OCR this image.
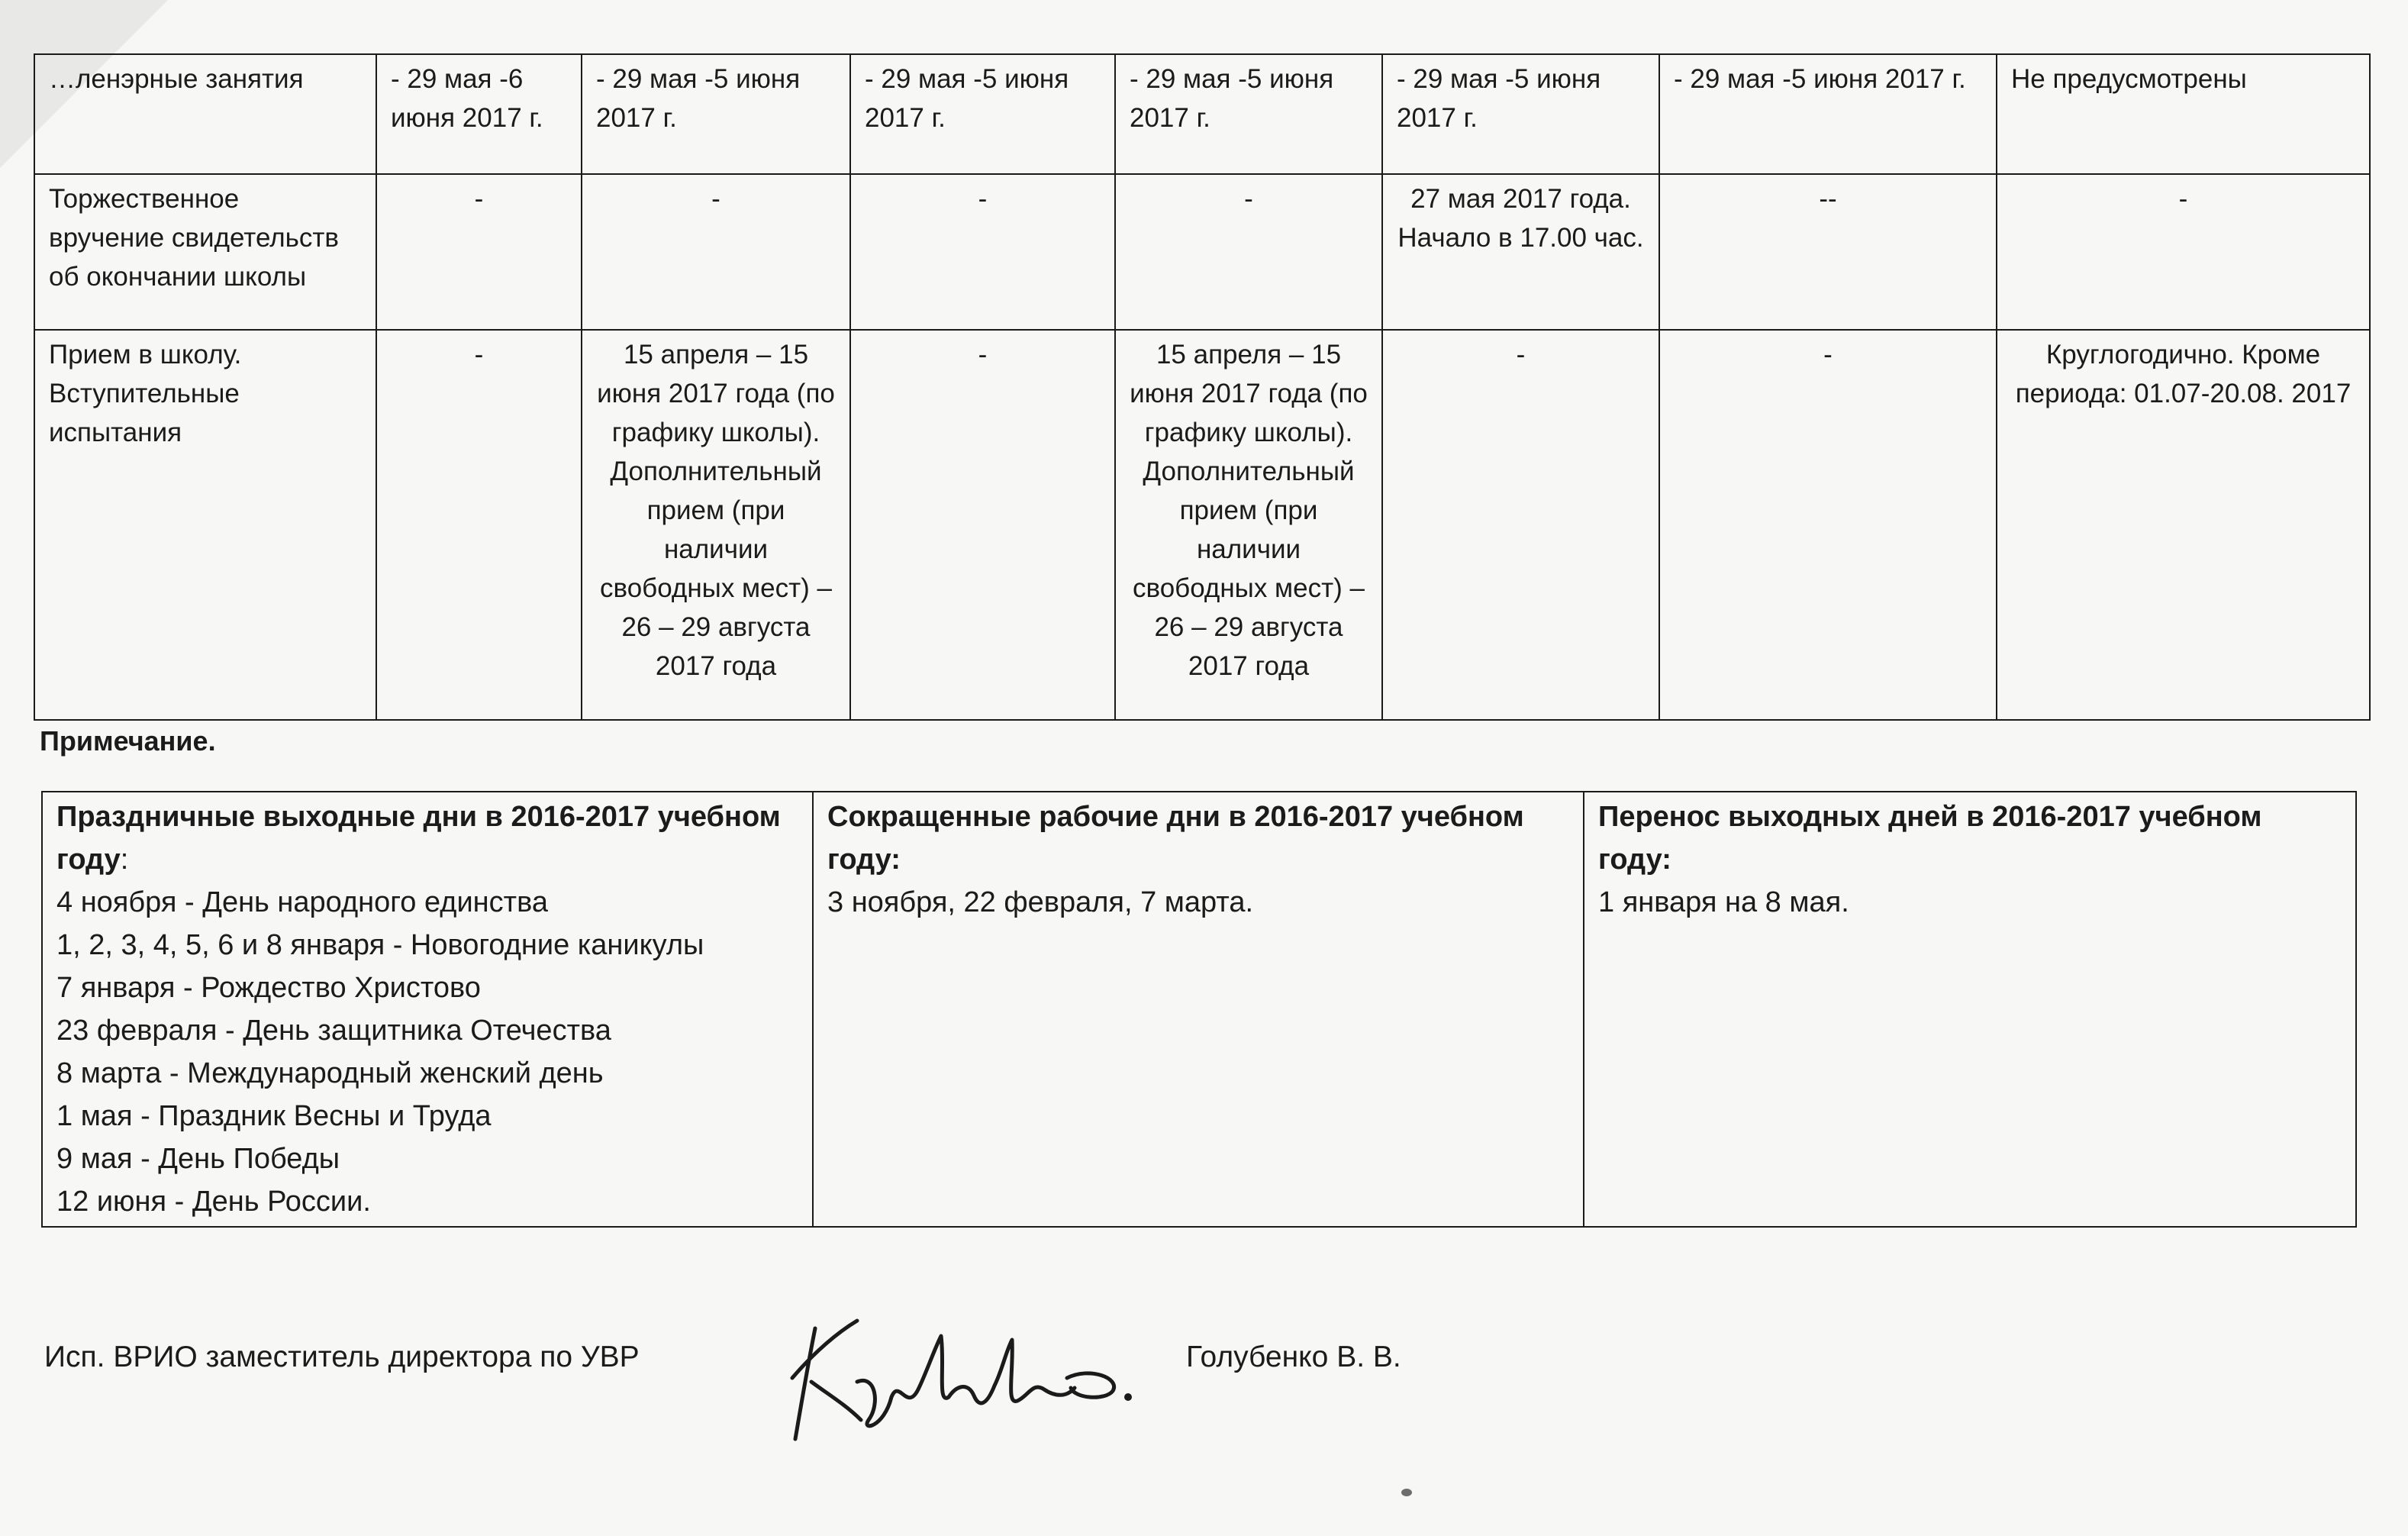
…ленэрные занятия	- 29 мая -6 июня 2017 г.	- 29 мая -5 июня 2017 г.	- 29 мая -5 июня 2017 г.	- 29 мая -5 июня 2017 г.	- 29 мая -5 июня 2017 г.	- 29 мая -5 июня 2017 г.	Не предусмотрены
Торжественное вручение свидетельств об окончании школы	-	-	-	-	27 мая 2017 года. Начало в 17.00 час.	--	-
Прием в школу. Вступительные испытания	-	15 апреля – 15 июня 2017 года (по графику школы). Дополнительный прием (при наличии свободных мест) – 26 – 29 августа 2017 года	-	15 апреля – 15 июня 2017 года (по графику школы). Дополнительный прием (при наличии свободных мест) – 26 – 29 августа 2017 года	-	-	Круглогодично. Кроме периода: 01.07-20.08. 2017
Примечание.
Праздничные выходные дни в 2016-2017 учебном году:
4 ноября - День народного единства
1, 2, 3, 4, 5, 6 и 8 января - Новогодние каникулы
7 января - Рождество Христово
23 февраля - День защитника Отечества
8 марта - Международный женский день
1 мая - Праздник Весны и Труда
9 мая - День Победы
12 июня - День России.

Сокращенные рабочие дни в 2016-2017 учебном году:
3 ноября, 22 февраля, 7 марта.

Перенос выходных дней в 2016-2017 учебном году:
1 января на 8 мая.
Исп. ВРИО заместитель директора по УВР	Голубенко В. В.
